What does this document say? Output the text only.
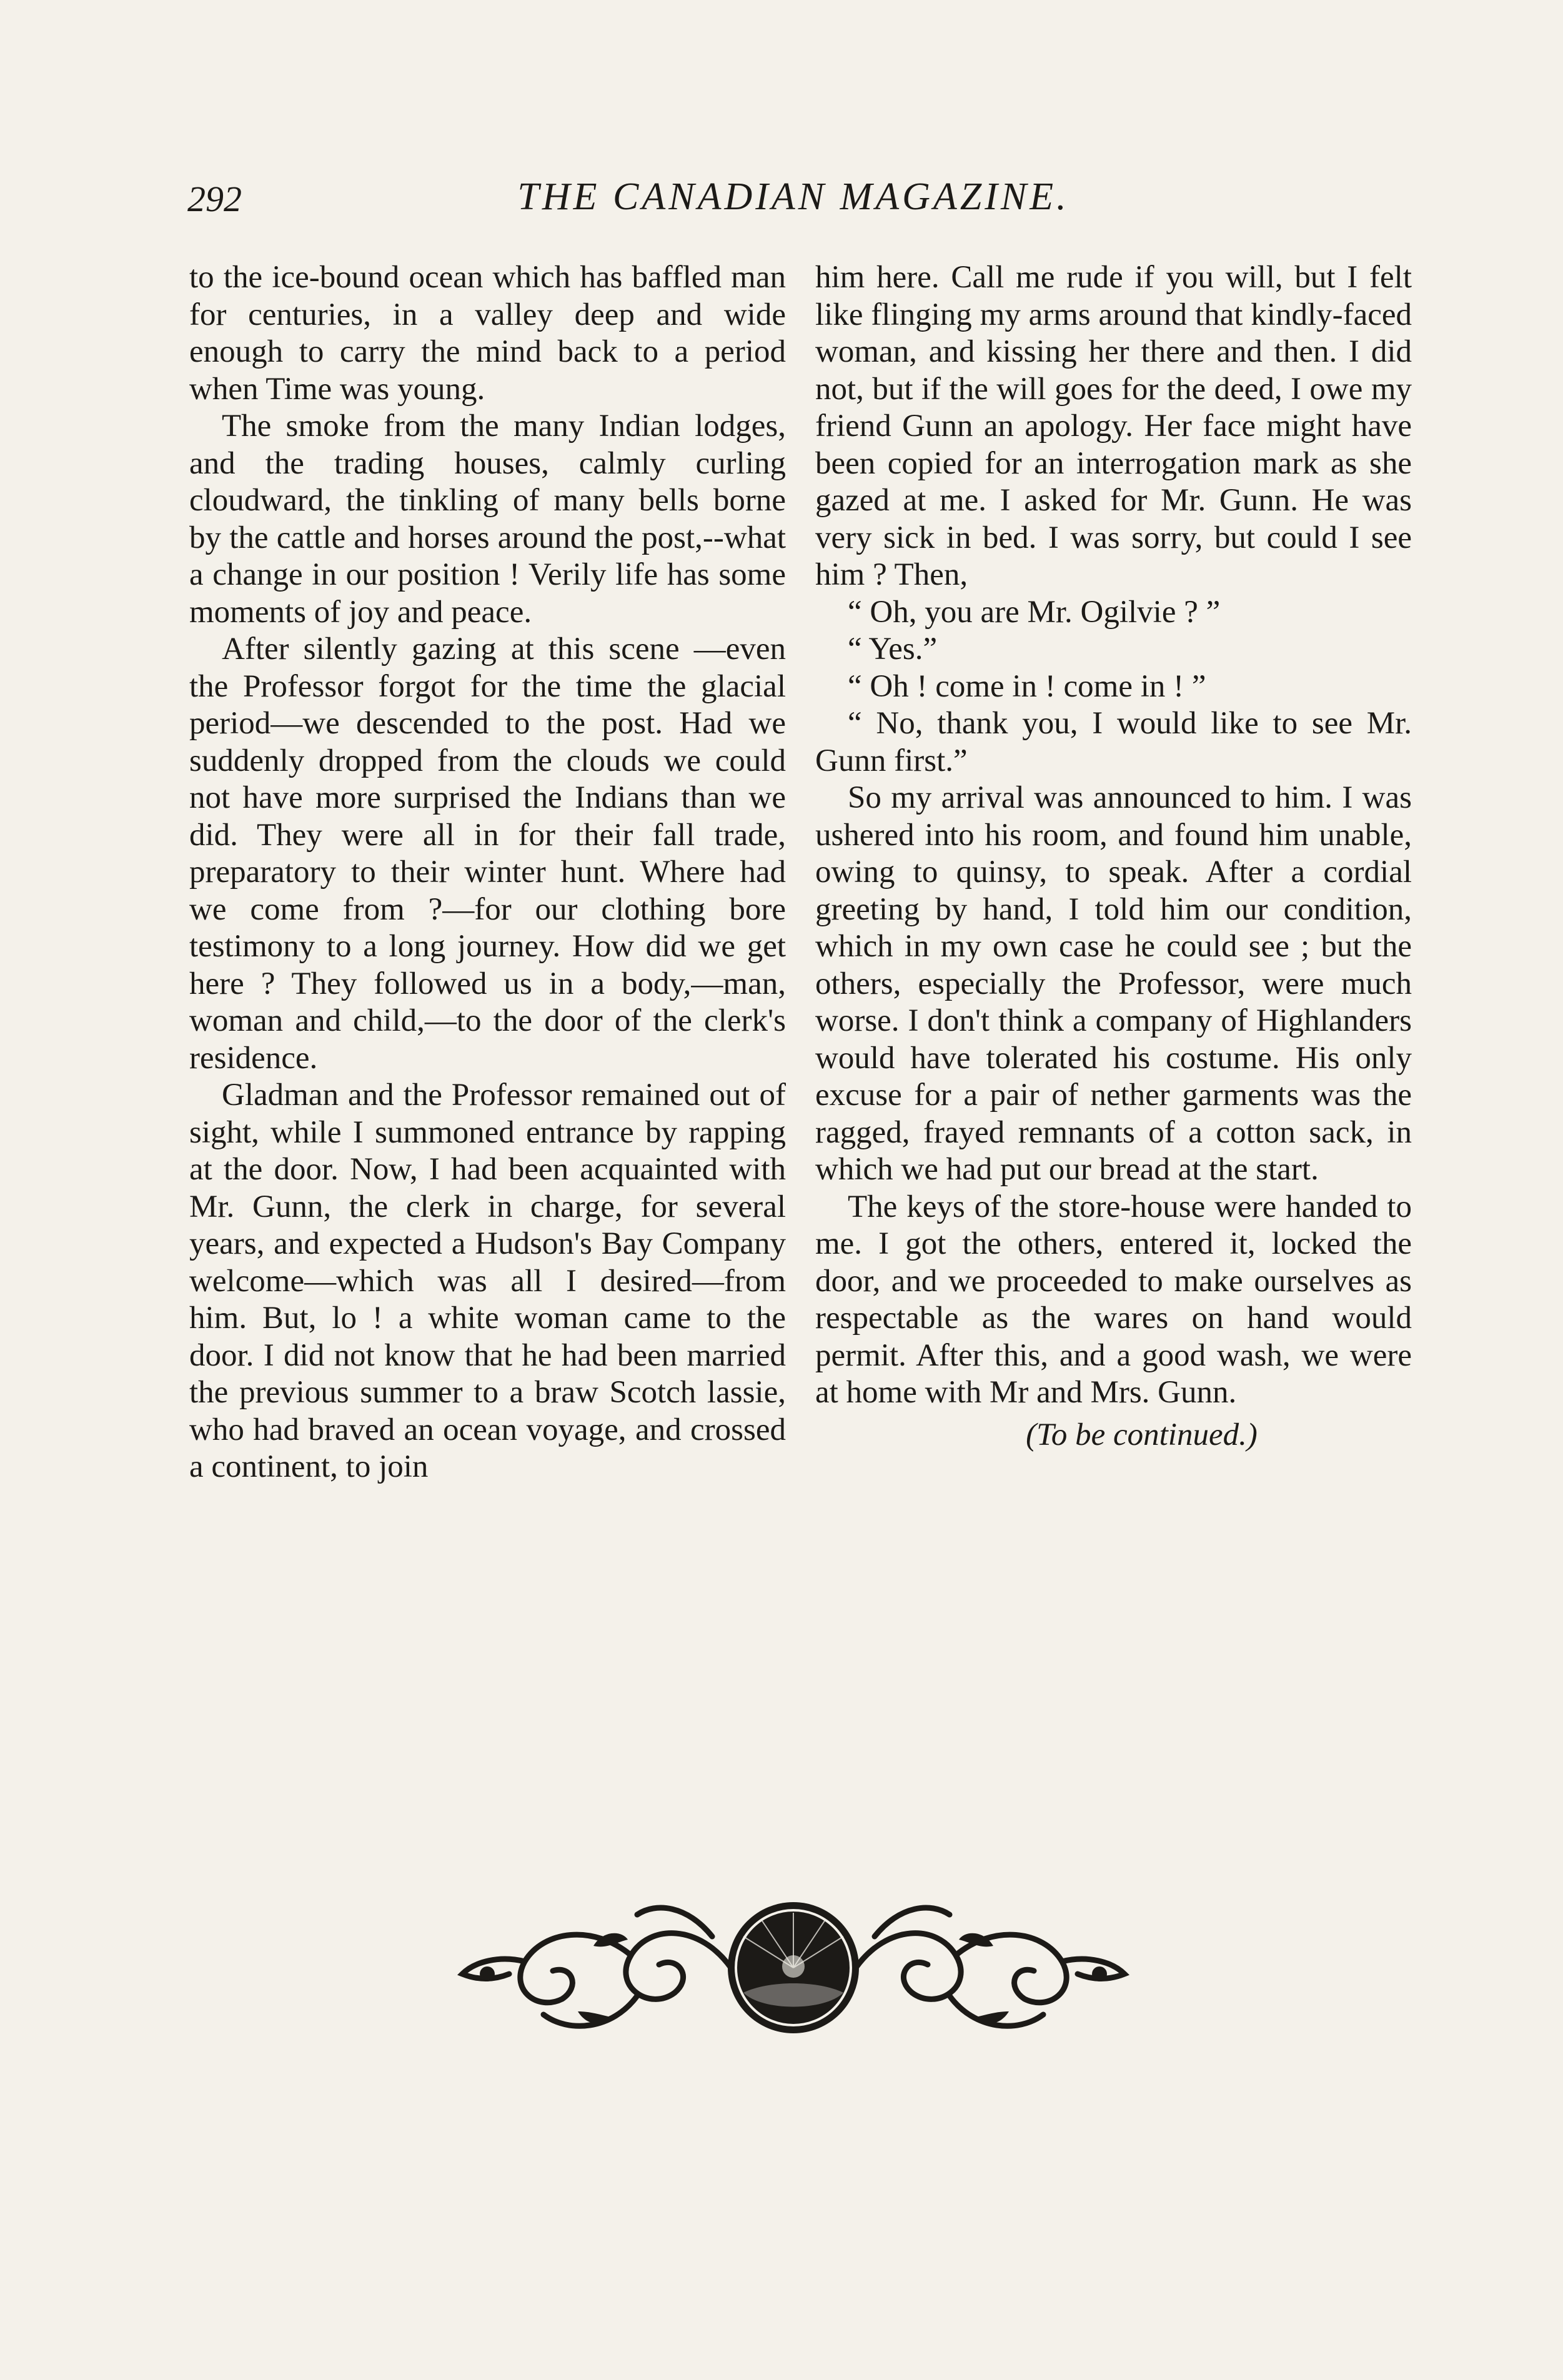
292	THE CANADIAN MAGAZINE.

to the ice-bound ocean which has baffled man for centuries, in a valley deep and wide enough to carry the mind back to a period when Time was young.

The smoke from the many Indian lodges, and the trading houses, calmly curling cloudward, the tinkling of many bells borne by the cattle and horses around the post,--what a change in our position ! Verily life has some moments of joy and peace.

After silently gazing at this scene —even the Professor forgot for the time the glacial period—we descended to the post. Had we suddenly dropped from the clouds we could not have more surprised the Indians than we did. They were all in for their fall trade, preparatory to their winter hunt. Where had we come from ?—for our clothing bore testimony to a long journey. How did we get here ? They followed us in a body,—man, woman and child,—to the door of the clerk's residence.

Gladman and the Professor remained out of sight, while I summoned entrance by rapping at the door. Now, I had been acquainted with Mr. Gunn, the clerk in charge, for several years, and expected a Hudson's Bay Company welcome—which was all I desired—from him. But, lo ! a white woman came to the door. I did not know that he had been married the previous summer to a braw Scotch lassie, who had braved an ocean voyage, and crossed a continent, to join

him here. Call me rude if you will, but I felt like flinging my arms around that kindly-faced woman, and kissing her there and then. I did not, but if the will goes for the deed, I owe my friend Gunn an apology. Her face might have been copied for an interrogation mark as she gazed at me. I asked for Mr. Gunn. He was very sick in bed. I was sorry, but could I see him ? Then,

“ Oh, you are Mr. Ogilvie ? ”

“ Yes.”

“ Oh ! come in ! come in ! ”

“ No, thank you, I would like to see Mr. Gunn first.”

So my arrival was announced to him. I was ushered into his room, and found him unable, owing to quinsy, to speak. After a cordial greeting by hand, I told him our condition, which in my own case he could see ; but the others, especially the Professor, were much worse. I don't think a company of Highlanders would have tolerated his costume. His only excuse for a pair of nether garments was the ragged, frayed remnants of a cotton sack, in which we had put our bread at the start.

The keys of the store-house were handed to me. I got the others, entered it, locked the door, and we proceeded to make ourselves as respectable as the wares on hand would permit. After this, and a good wash, we were at home with Mr and Mrs. Gunn.

(To be continued.)
